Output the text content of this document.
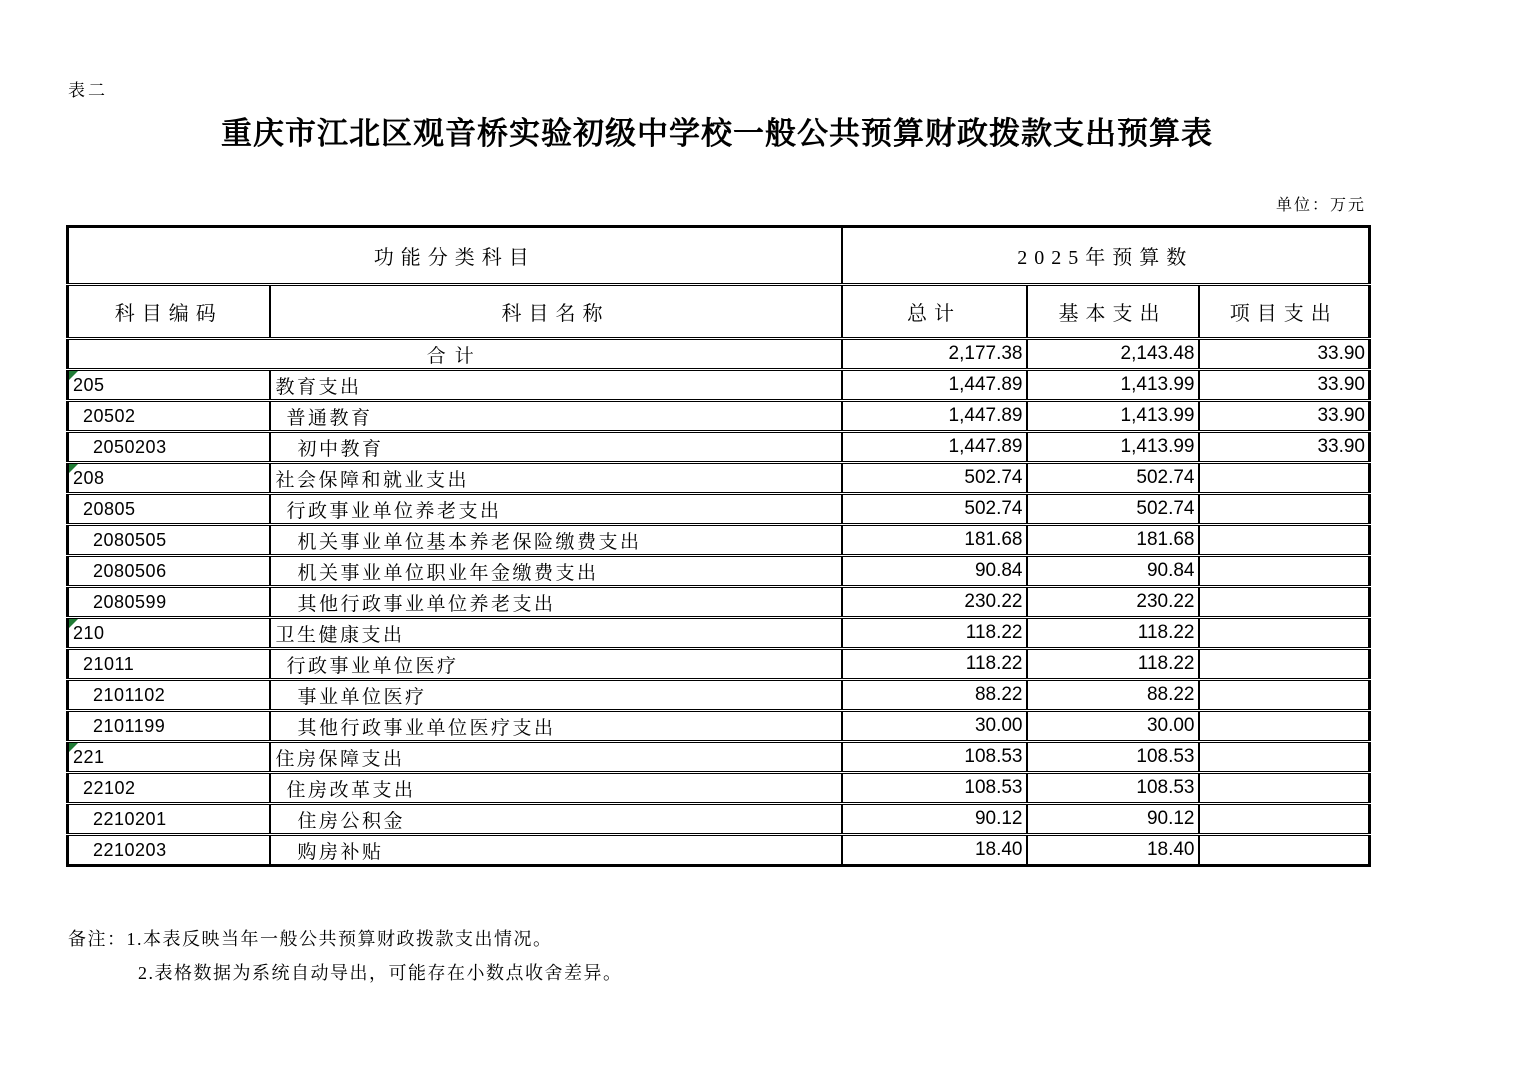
表二
重庆市江北区观音桥实验初级中学校一般公共预算财政拨款支出预算表
单位：万元
功能分类科目		2025年预算数		
科目编码	科目名称	总计	基本支出	项目支出
合计		2,177.38	2,143.48	33.90

205	教育支出	1,447.89	1,413.99	33.90
20502	普通教育	1,447.89	1,413.99	33.90
2050203	初中教育	1,447.89	1,413.99	33.90

208	社会保障和就业支出	502.74	502.74	
20805	行政事业单位养老支出	502.74	502.74	
2080505	机关事业单位基本养老保险缴费支出	181.68	181.68	
2080506	机关事业单位职业年金缴费支出	90.84	90.84	
2080599	其他行政事业单位养老支出	230.22	230.22	

210	卫生健康支出	118.22	118.22	
21011	行政事业单位医疗	118.22	118.22	
2101102	事业单位医疗	88.22	88.22	
2101199	其他行政事业单位医疗支出	30.00	30.00	

221	住房保障支出	108.53	108.53	
22102	住房改革支出	108.53	108.53	
2210201	住房公积金	90.12	90.12	
2210203	购房补贴	18.40	18.40	
备注：1.本表反映当年一般公共预算财政拨款支出情况。
2.表格数据为系统自动导出，可能存在小数点收舍差异。
